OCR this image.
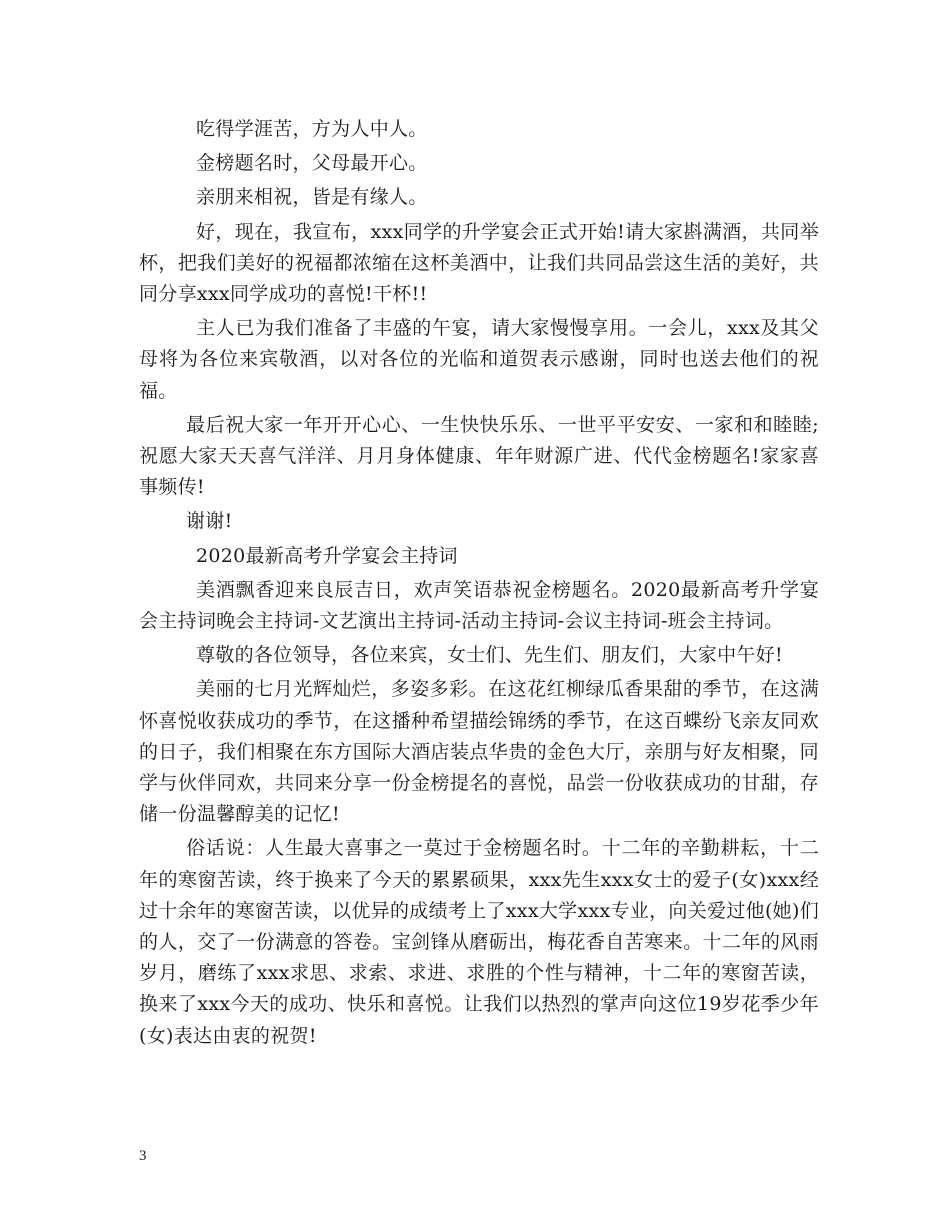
吃得学涯苦，方为人中人。

金榜题名时，父母最开心。

亲朋来相祝，皆是有缘人。

好，现在，我宣布，xxx同学的升学宴会正式开始!请大家斟满酒，共同举杯，把我们美好的祝福都浓缩在这杯美酒中，让我们共同品尝这生活的美好，共同分享xxx同学成功的喜悦!干杯!!

主人已为我们准备了丰盛的午宴，请大家慢慢享用。一会儿，xxx及其父母将为各位来宾敬酒，以对各位的光临和道贺表示感谢，同时也送去他们的祝福。

最后祝大家一年开开心心、一生快快乐乐、一世平平安安、一家和和睦睦;祝愿大家天天喜气洋洋、月月身体健康、年年财源广进、代代金榜题名!家家喜事频传!

谢谢!

2020最新高考升学宴会主持词

美酒飘香迎来良辰吉日，欢声笑语恭祝金榜题名。2020最新高考升学宴会主持词晚会主持词-文艺演出主持词-活动主持词-会议主持词-班会主持词。

尊敬的各位领导，各位来宾，女士们、先生们、朋友们，大家中午好!

美丽的七月光辉灿烂，多姿多彩。在这花红柳绿瓜香果甜的季节，在这满怀喜悦收获成功的季节，在这播种希望描绘锦绣的季节，在这百蝶纷飞亲友同欢的日子，我们相聚在东方国际大酒店装点华贵的金色大厅，亲朋与好友相聚，同学与伙伴同欢，共同来分享一份金榜提名的喜悦，品尝一份收获成功的甘甜，存储一份温馨醇美的记忆!

俗话说：人生最大喜事之一莫过于金榜题名时。十二年的辛勤耕耘，十二年的寒窗苦读，终于换来了今天的累累硕果，xxx先生xxx女士的爱子(女)xxx经过十余年的寒窗苦读，以优异的成绩考上了xxx大学xxx专业，向关爱过他(她)们的人，交了一份满意的答卷。宝剑锋从磨砺出，梅花香自苦寒来。十二年的风雨岁月，磨练了xxx求思、求索、求进、求胜的个性与精神，十二年的寒窗苦读，换来了xxx今天的成功、快乐和喜悦。让我们以热烈的掌声向这位19岁花季少年(女)表达由衷的祝贺!

3
